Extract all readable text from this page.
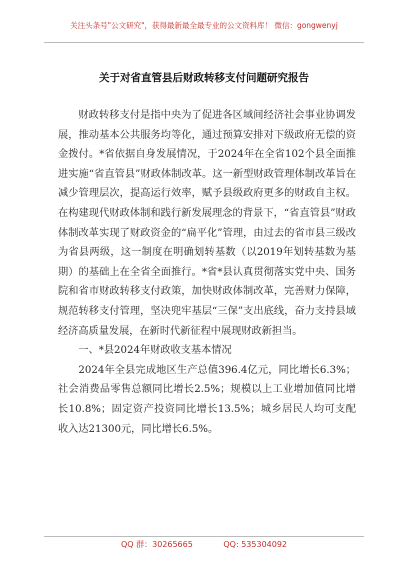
关注头条号"公文研究"，获得最新最全最专业的公文资料库！ 微信：gongwenyj
关于对省直管县后财政转移支付问题研究报告

财政转移支付是指中央为了促进各区域间经济社会事业协调发展，推动基本公共服务均等化，通过预算安排对下级政府无偿的资金拨付。*省依据自身发展情况，于2024年在全省102个县全面推进实施“省直管县”财政体制改革。这一新型财政管理体制改革旨在减少管理层次，提高运行效率，赋予县级政府更多的财政自主权。在构建现代财政体制和践行新发展理念的背景下，“省直管县”财政体制改革实现了财政资金的“扁平化”管理，由过去的省市县三级改为省县两级，这一制度在明确划转基数（以2019年划转基数为基期）的基础上在全省全面推行。*省*县认真贯彻落实党中央、国务院和省市财政转移支付政策，加快财政体制改革，完善财力保障，规范转移支付管理，坚决兜牢基层“三保”支出底线，奋力支持县域经济高质量发展，在新时代新征程中展现财政新担当。

一、*县2024年财政收支基本情况

2024年全县完成地区生产总值396.4亿元，同比增长6.3%；社会消费品零售总额同比增长2.5%；规模以上工业增加值同比增长10.8%；固定资产投资同比增长13.5%；城乡居民人均可支配收入达21300元，同比增长6.5%。

QQ 群：30265665	QQ: 535304092
